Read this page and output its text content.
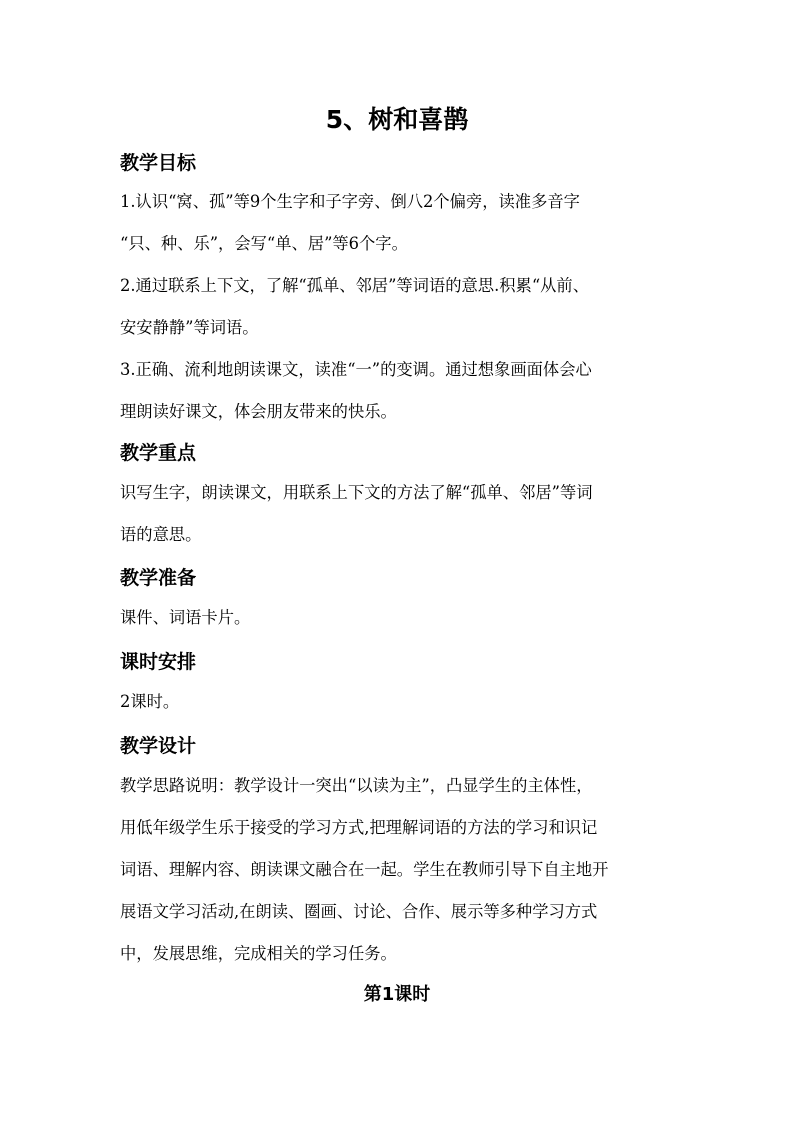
5、树和喜鹊
教学目标
1.认识“窝、孤”等9个生字和子字旁、倒八2个偏旁，读准多音字
“只、种、乐”，会写“单、居”等6个字。
2.通过联系上下文，了解“孤单、邻居”等词语的意思.积累“从前、
安安静静”等词语。
3.正确、流利地朗读课文，读准“一”的变调。通过想象画面体会心
理朗读好课文，体会朋友带来的快乐。
教学重点
识写生字，朗读课文，用联系上下文的方法了解“孤单、邻居”等词
语的意思。
教学准备
课件、词语卡片。
课时安排
2课时。
教学设计
教学思路说明：教学设计一突出“以读为主”，凸显学生的主体性，
用低年级学生乐于接受的学习方式,把理解词语的方法的学习和识记
词语、理解内容、朗读课文融合在一起。学生在教师引导下自主地开
展语文学习活动,在朗读、圈画、讨论、合作、展示等多种学习方式
中，发展思维，完成相关的学习任务。
第1课时
